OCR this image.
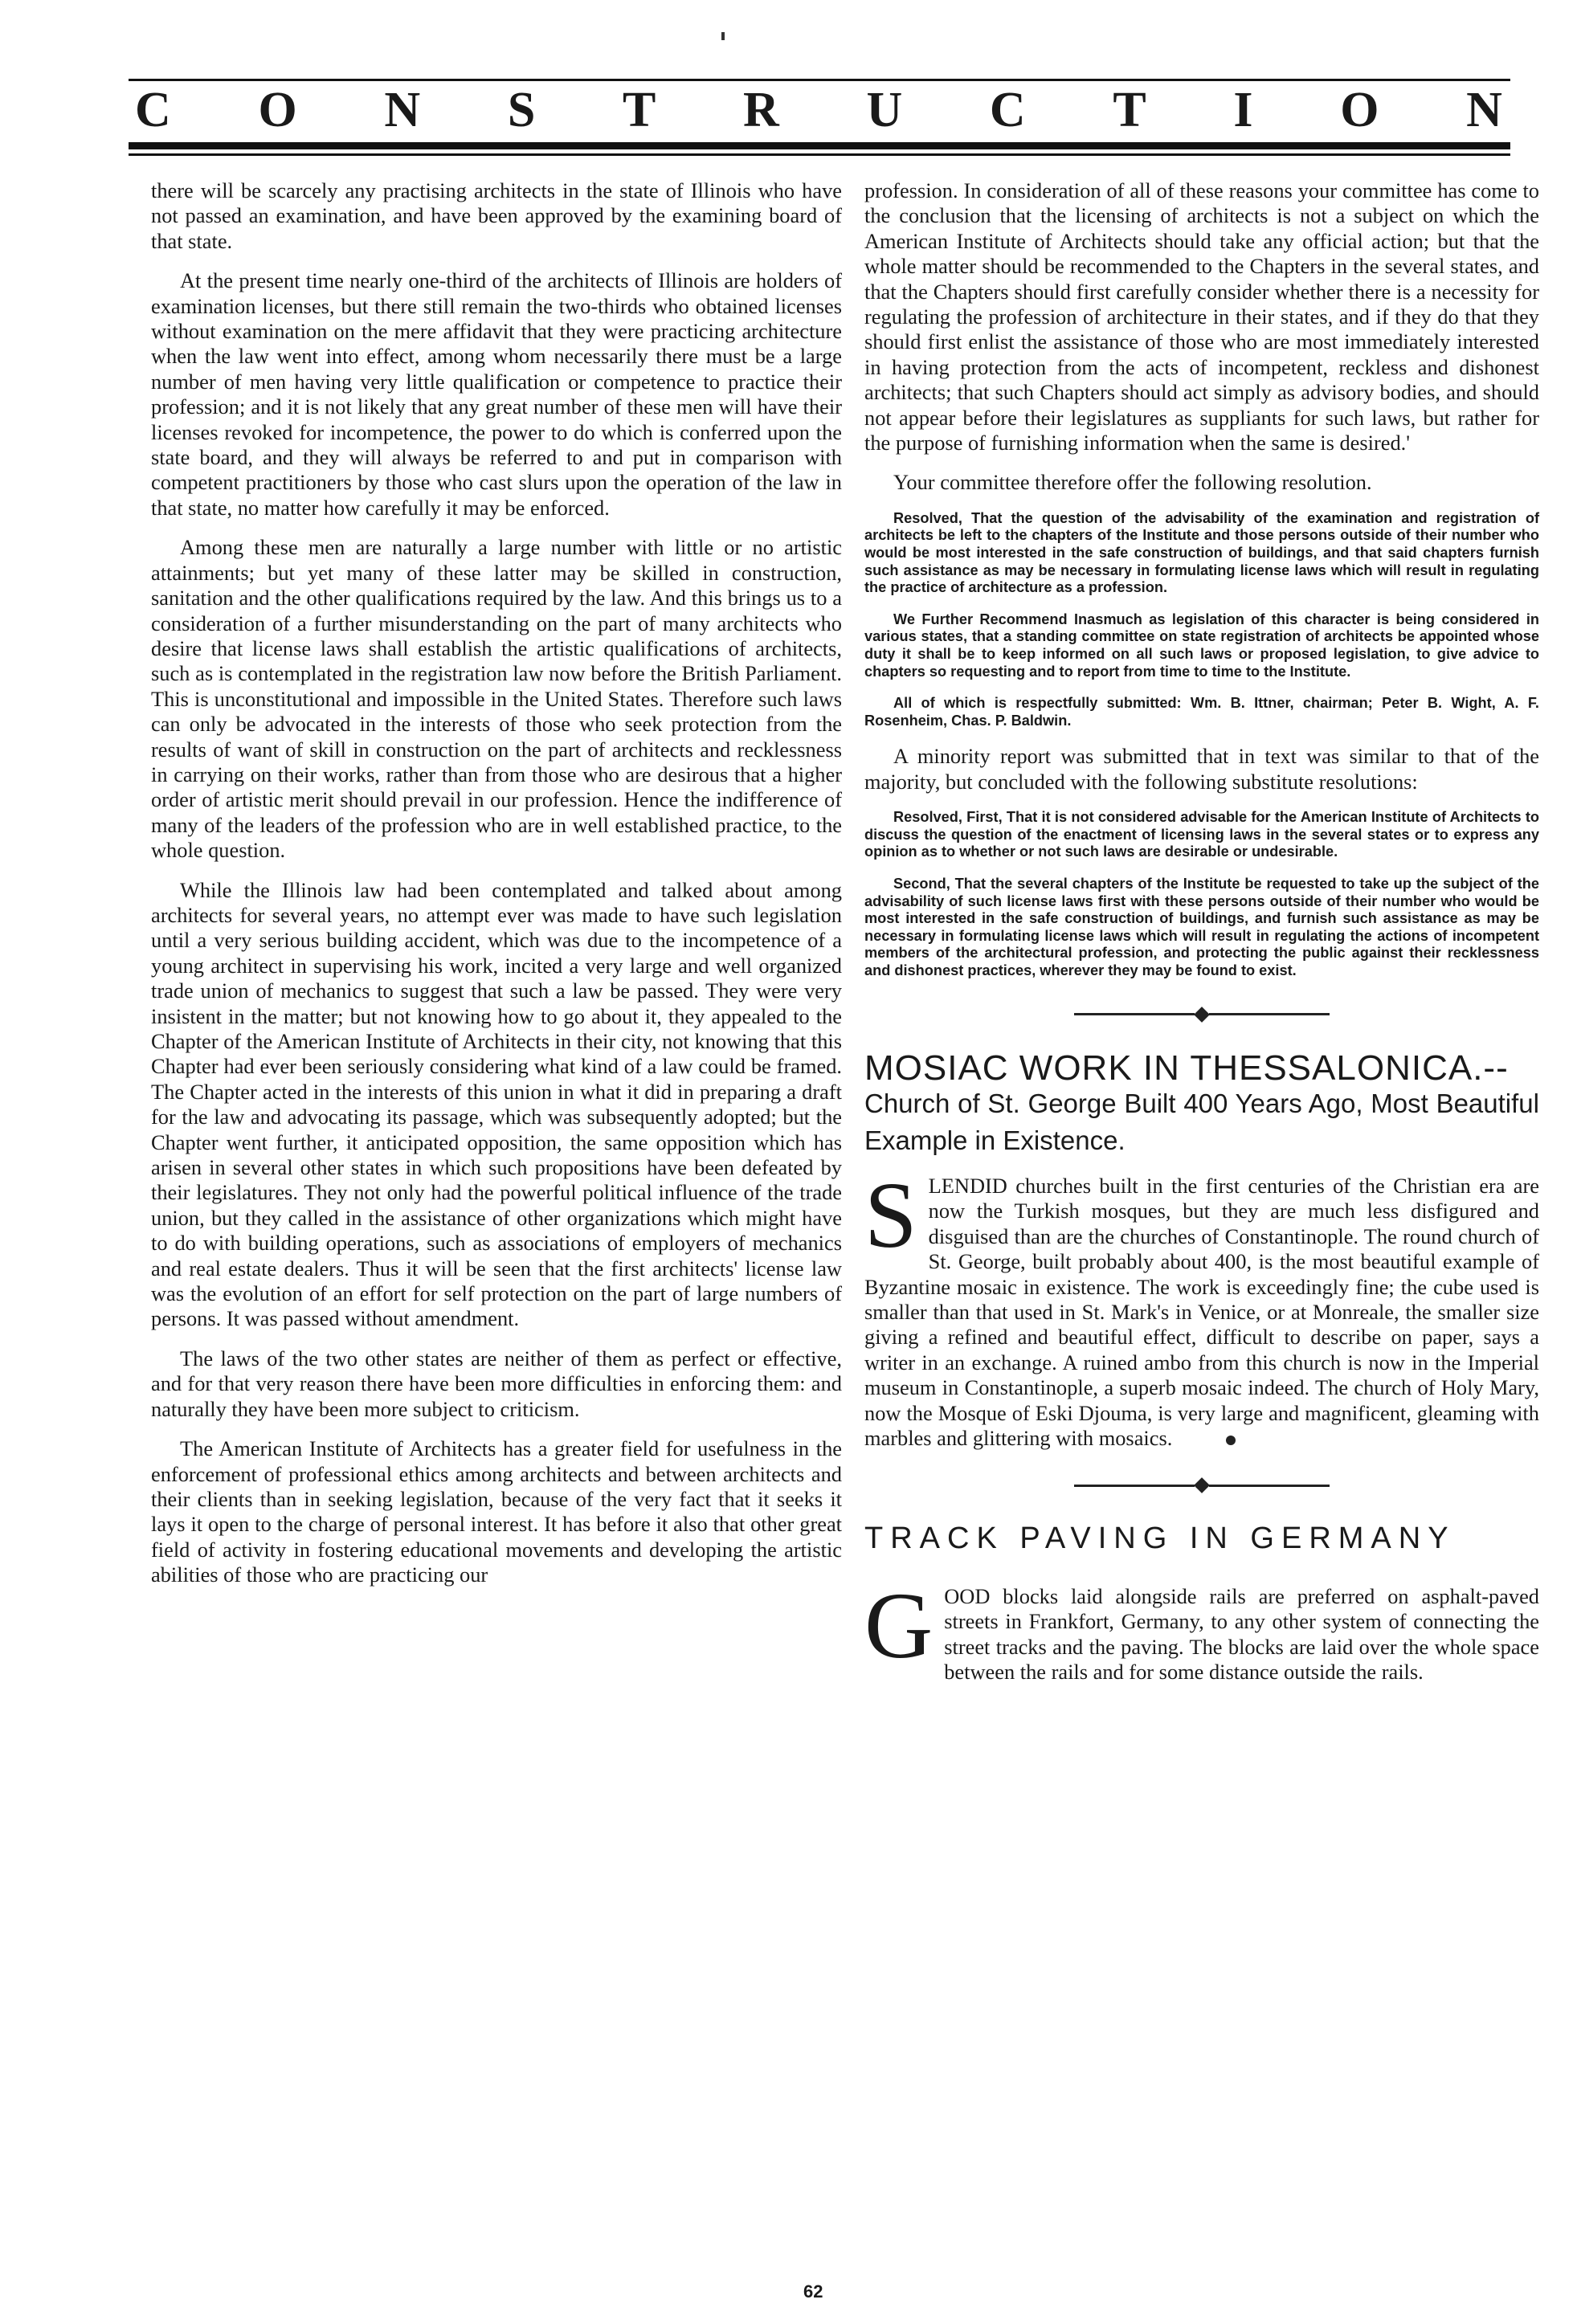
C O N S T R U C T I O N

there will be scarcely any practising architects in the state of Illinois who have not passed an examination, and have been approved by the examining board of that state.

At the present time nearly one-third of the architects of Illinois are holders of examination licenses, but there still remain the two-thirds who obtained licenses without examination on the mere affidavit that they were practicing architecture when the law went into effect, among whom necessarily there must be a large number of men having very little qualification or competence to practice their profession; and it is not likely that any great number of these men will have their licenses revoked for incompetence, the power to do which is conferred upon the state board, and they will always be referred to and put in comparison with competent practitioners by those who cast slurs upon the operation of the law in that state, no matter how carefully it may be enforced.

Among these men are naturally a large number with little or no artistic attainments; but yet many of these latter may be skilled in construction, sanitation and the other qualifications required by the law. And this brings us to a consideration of a further misunderstanding on the part of many architects who desire that license laws shall establish the artistic qualifications of architects, such as is contemplated in the registration law now before the British Parliament. This is unconstitutional and impossible in the United States. Therefore such laws can only be advocated in the interests of those who seek protection from the results of want of skill in construction on the part of architects and recklessness in carrying on their works, rather than from those who are desirous that a higher order of artistic merit should prevail in our profession. Hence the indifference of many of the leaders of the profession who are in well established practice, to the whole question.

While the Illinois law had been contemplated and talked about among architects for several years, no attempt ever was made to have such legislation until a very serious building accident, which was due to the incompetence of a young architect in supervising his work, incited a very large and well organized trade union of mechanics to suggest that such a law be passed. They were very insistent in the matter; but not knowing how to go about it, they appealed to the Chapter of the American Institute of Architects in their city, not knowing that this Chapter had ever been seriously considering what kind of a law could be framed. The Chapter acted in the interests of this union in what it did in preparing a draft for the law and advocating its passage, which was subsequently adopted; but the Chapter went further, it anticipated opposition, the same opposition which has arisen in several other states in which such propositions have been defeated by their legislatures. They not only had the powerful political influence of the trade union, but they called in the assistance of other organizations which might have to do with building operations, such as associations of employers of mechanics and real estate dealers. Thus it will be seen that the first architects' license law was the evolution of an effort for self protection on the part of large numbers of persons. It was passed without amendment.

The laws of the two other states are neither of them as perfect or effective, and for that very reason there have been more difficulties in enforcing them: and naturally they have been more subject to criticism.

The American Institute of Architects has a greater field for usefulness in the enforcement of professional ethics among architects and between architects and their clients than in seeking legislation, because of the very fact that it seeks it lays it open to the charge of personal interest. It has before it also that other great field of activity in fostering educational movements and developing the artistic abilities of those who are practicing our

profession. In consideration of all of these reasons your committee has come to the conclusion that the licensing of architects is not a subject on which the American Institute of Architects should take any official action; but that the whole matter should be recommended to the Chapters in the several states, and that the Chapters should first carefully consider whether there is a necessity for regulating the profession of architecture in their states, and if they do that they should first enlist the assistance of those who are most immediately interested in having protection from the acts of incompetent, reckless and dishonest architects; that such Chapters should act simply as advisory bodies, and should not appear before their legislatures as suppliants for such laws, but rather for the purpose of furnishing information when the same is desired.'

Your committee therefore offer the following resolution.

Resolved, That the question of the advisability of the examination and registration of architects be left to the chapters of the Institute and those persons outside of their number who would be most interested in the safe construction of buildings, and that said chapters furnish such assistance as may be necessary in formulating license laws which will result in regulating the practice of architecture as a profession.

We Further Recommend Inasmuch as legislation of this character is being considered in various states, that a standing committee on state registration of architects be appointed whose duty it shall be to keep informed on all such laws or proposed legislation, to give advice to chapters so requesting and to report from time to time to the Institute.

All of which is respectfully submitted: Wm. B. Ittner, chairman; Peter B. Wight, A. F. Rosenheim, Chas. P. Baldwin.

A minority report was submitted that in text was similar to that of the majority, but concluded with the following substitute resolutions:

Resolved, First, That it is not considered advisable for the American Institute of Architects to discuss the question of the enactment of licensing laws in the several states or to express any opinion as to whether or not such laws are desirable or undesirable.

Second, That the several chapters of the Institute be requested to take up the subject of the advisability of such license laws first with these persons outside of their number who would be most interested in the safe construction of buildings, and furnish such assistance as may be necessary in formulating license laws which will result in regulating the actions of incompetent members of the architectural profession, and protecting the public against their recklessness and dishonest practices, wherever they may be found to exist.

MOSIAC WORK IN THESSALONICA.--

Church of St. George Built 400 Years Ago, Most Beautiful Example in Existence.

S LENDID churches built in the first centuries of the Christian era are now the Turkish mosques, but they are much less disfigured and disguised than are the churches of Constantinople. The round church of St. George, built probably about 400, is the most beautiful example of Byzantine mosaic in existence. The work is exceedingly fine; the cube used is smaller than that used in St. Mark's in Venice, or at Monreale, the smaller size giving a refined and beautiful effect, difficult to describe on paper, says a writer in an exchange. A ruined ambo from this church is now in the Imperial museum in Constantinople, a superb mosaic indeed. The church of Holy Mary, now the Mosque of Eski Djouma, is very large and magnificent, gleaming with marbles and glittering with mosaics.

TRACK PAVING IN GERMANY

G OOD blocks laid alongside rails are preferred on asphalt-paved streets in Frankfort, Germany, to any other system of connecting the street tracks and the paving. The blocks are laid over the whole space between the rails and for some distance outside the rails.

62
